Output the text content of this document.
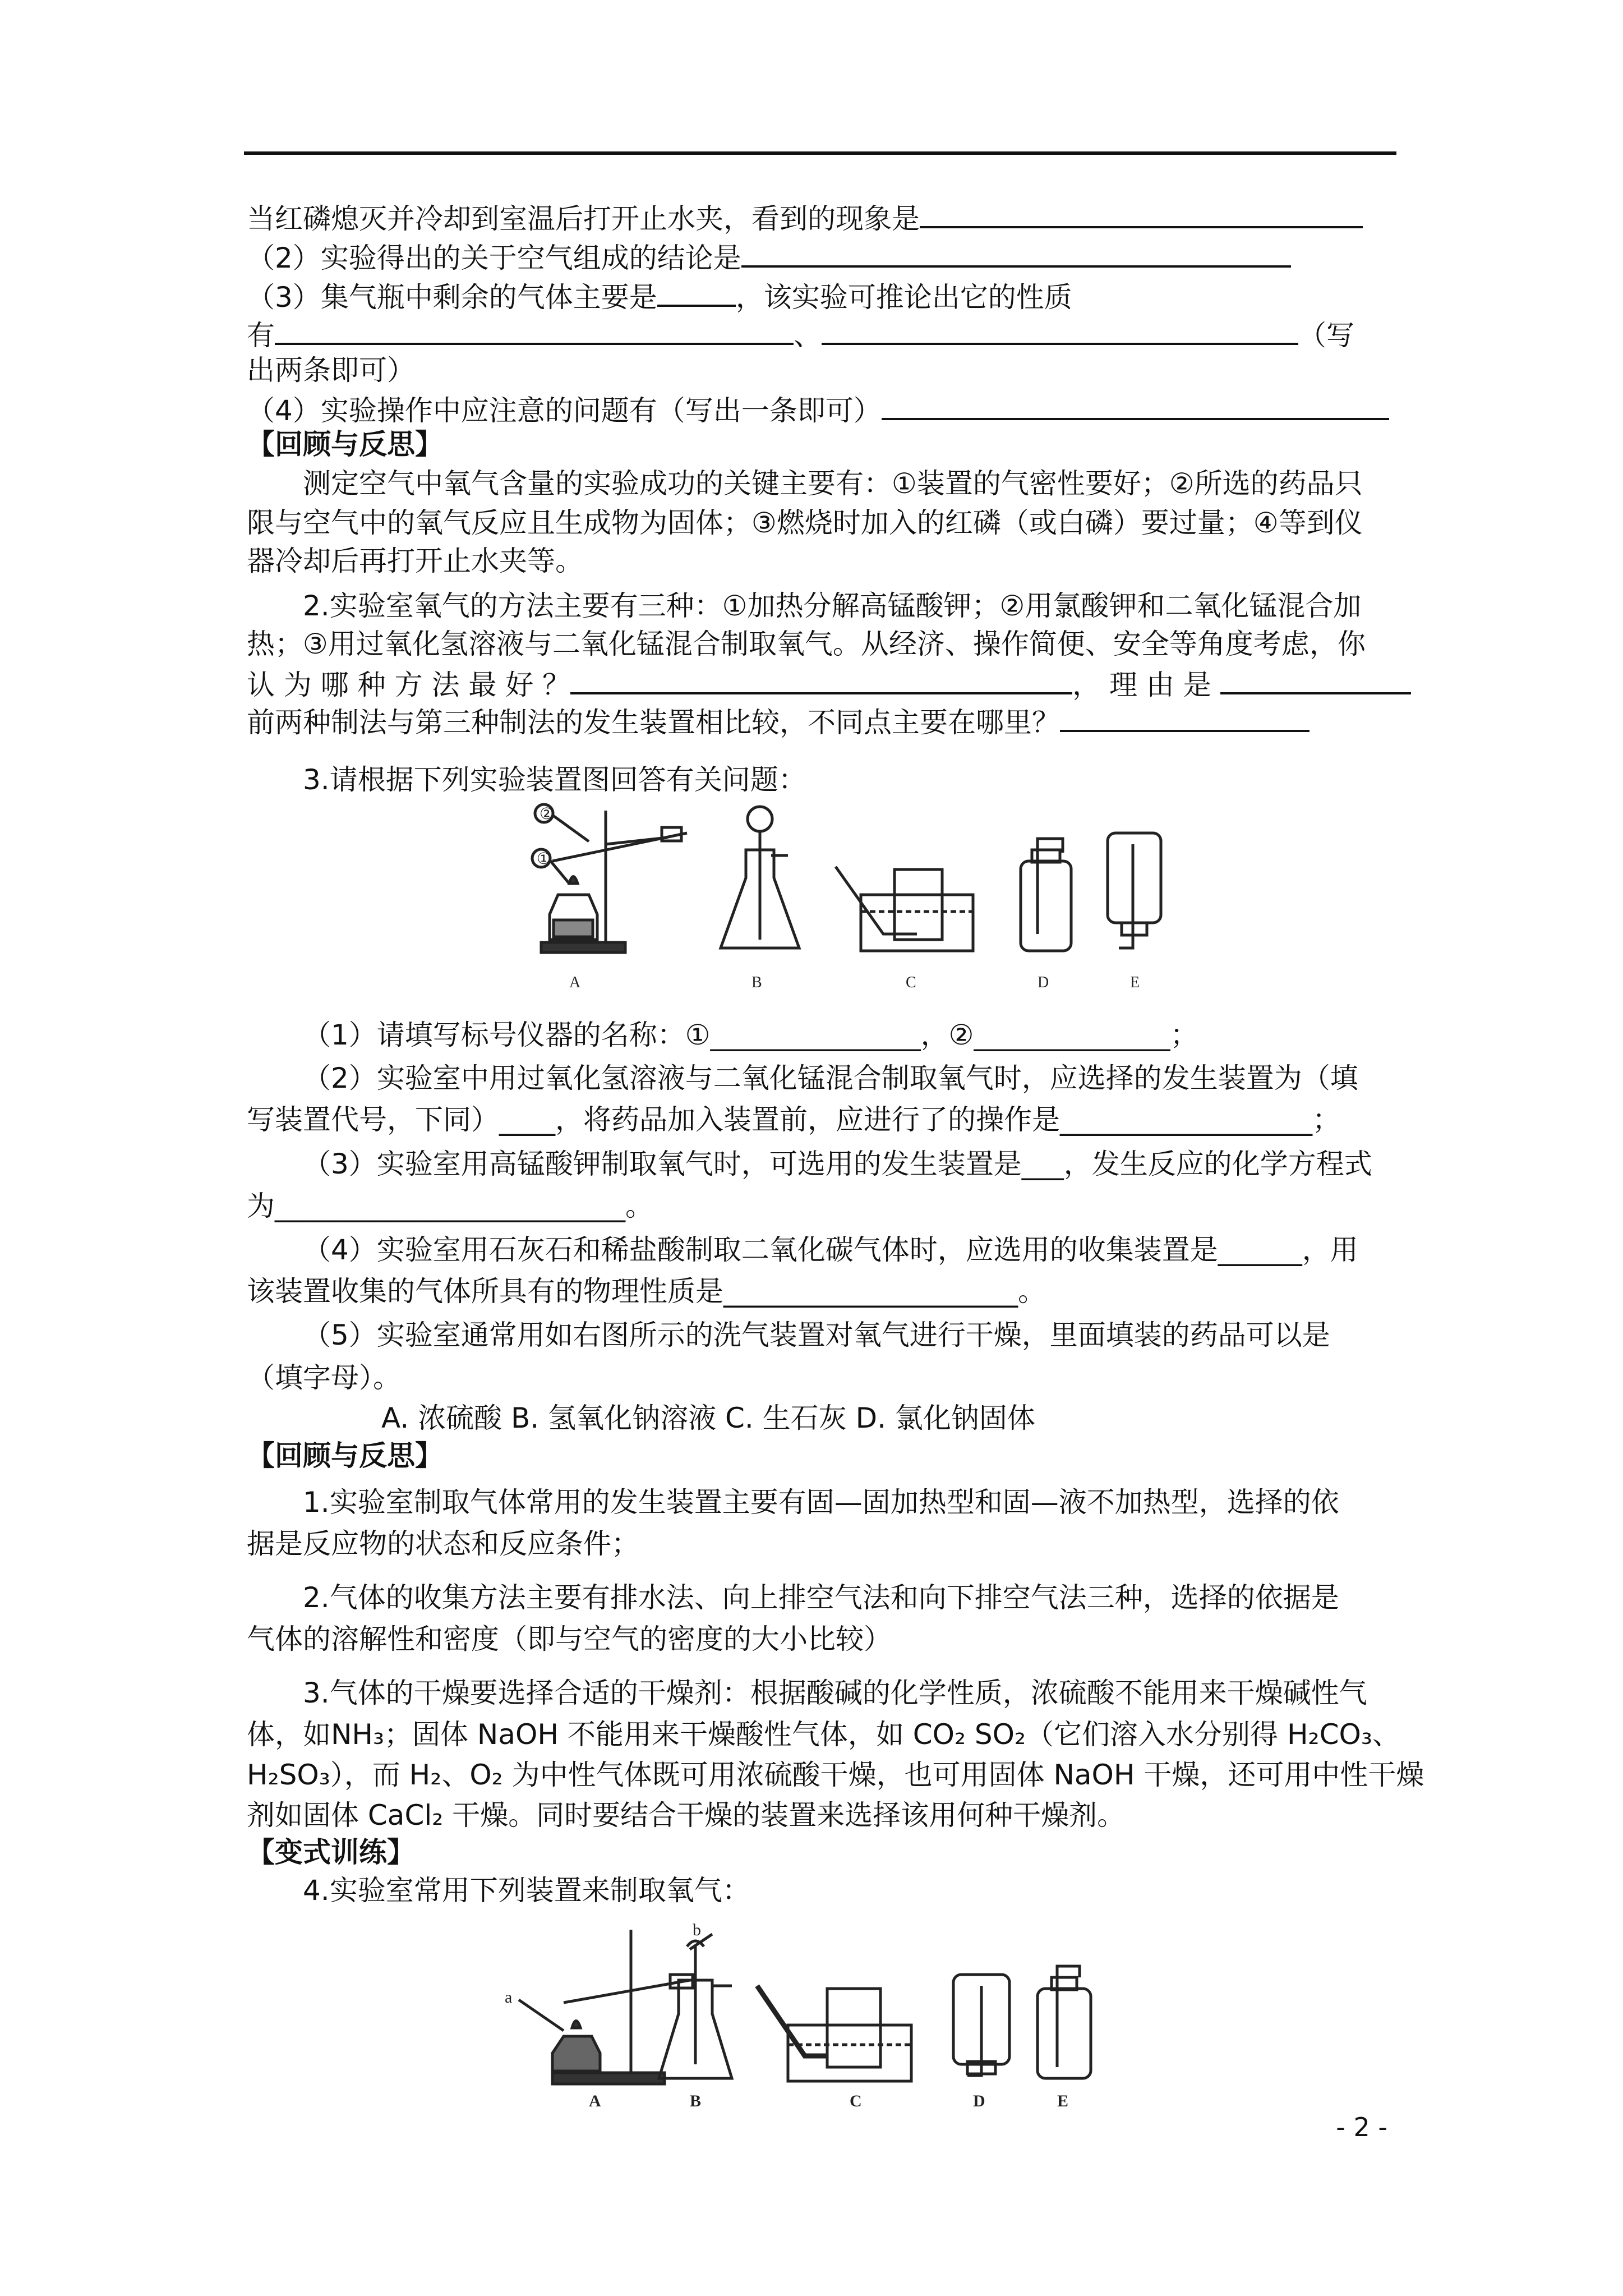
当红磷熄灭并冷却到室温后打开止水夹，看到的现象是
（2）实验得出的关于空气组成的结论是
（3）集气瓶中剩余的气体主要是	，该实验可推论出它的性质
有	、	（写
出两条即可）
（4）实验操作中应注意的问题有（写出一条即可）
【回顾与反思】
测定空气中氧气含量的实验成功的关键主要有：①装置的气密性要好；②所选的药品只
限与空气中的氧气反应且生成物为固体；③燃烧时加入的红磷（或白磷）要过量；④等到仪
器冷却后再打开止水夹等。
2.实验室氧气的方法主要有三种：①加热分解高锰酸钾；②用氯酸钾和二氧化锰混合加
热；③用过氧化氢溶液与二氧化锰混合制取氧气。从经济、操作简便、安全等角度考虑，你
认 为 哪 种 方 法 最 好 ？	， 理 由 是
前两种制法与第三种制法的发生装置相比较，不同点主要在哪里？
3.请根据下列实验装置图回答有关问题：
②
①
A	B	C	D	E
（1）请填写标号仪器的名称：①_______________，②______________；
（2）实验室中用过氧化氢溶液与二氧化锰混合制取氧气时，应选择的发生装置为（填
写装置代号，下同）____，将药品加入装置前，应进行了的操作是__________________；
（3）实验室用高锰酸钾制取氧气时，可选用的发生装置是___，发生反应的化学方程式
为_________________________。
（4）实验室用石灰石和稀盐酸制取二氧化碳气体时，应选用的收集装置是______，用
该装置收集的气体所具有的物理性质是_____________________。
（5）实验室通常用如右图所示的洗气装置对氧气进行干燥，里面填装的药品可以是
（填字母）。
A. 浓硫酸 B. 氢氧化钠溶液 C. 生石灰 D. 氯化钠固体
【回顾与反思】
1.实验室制取气体常用的发生装置主要有固—固加热型和固—液不加热型，选择的依
据是反应物的状态和反应条件；
2.气体的收集方法主要有排水法、向上排空气法和向下排空气法三种，选择的依据是
气体的溶解性和密度（即与空气的密度的大小比较）
3.气体的干燥要选择合适的干燥剂：根据酸碱的化学性质，浓硫酸不能用来干燥碱性气
体，如NH₃；固体 NaOH 不能用来干燥酸性气体，如 CO₂ SO₂（它们溶入水分别得 H₂CO₃、
H₂SO₃），而 H₂、O₂ 为中性气体既可用浓硫酸干燥，也可用固体 NaOH 干燥，还可用中性干燥
剂如固体 CaCl₂ 干燥。同时要结合干燥的装置来选择该用何种干燥剂。
【变式训练】
4.实验室常用下列装置来制取氧气：
a
b
A	B	C	D	E
- 2 -
